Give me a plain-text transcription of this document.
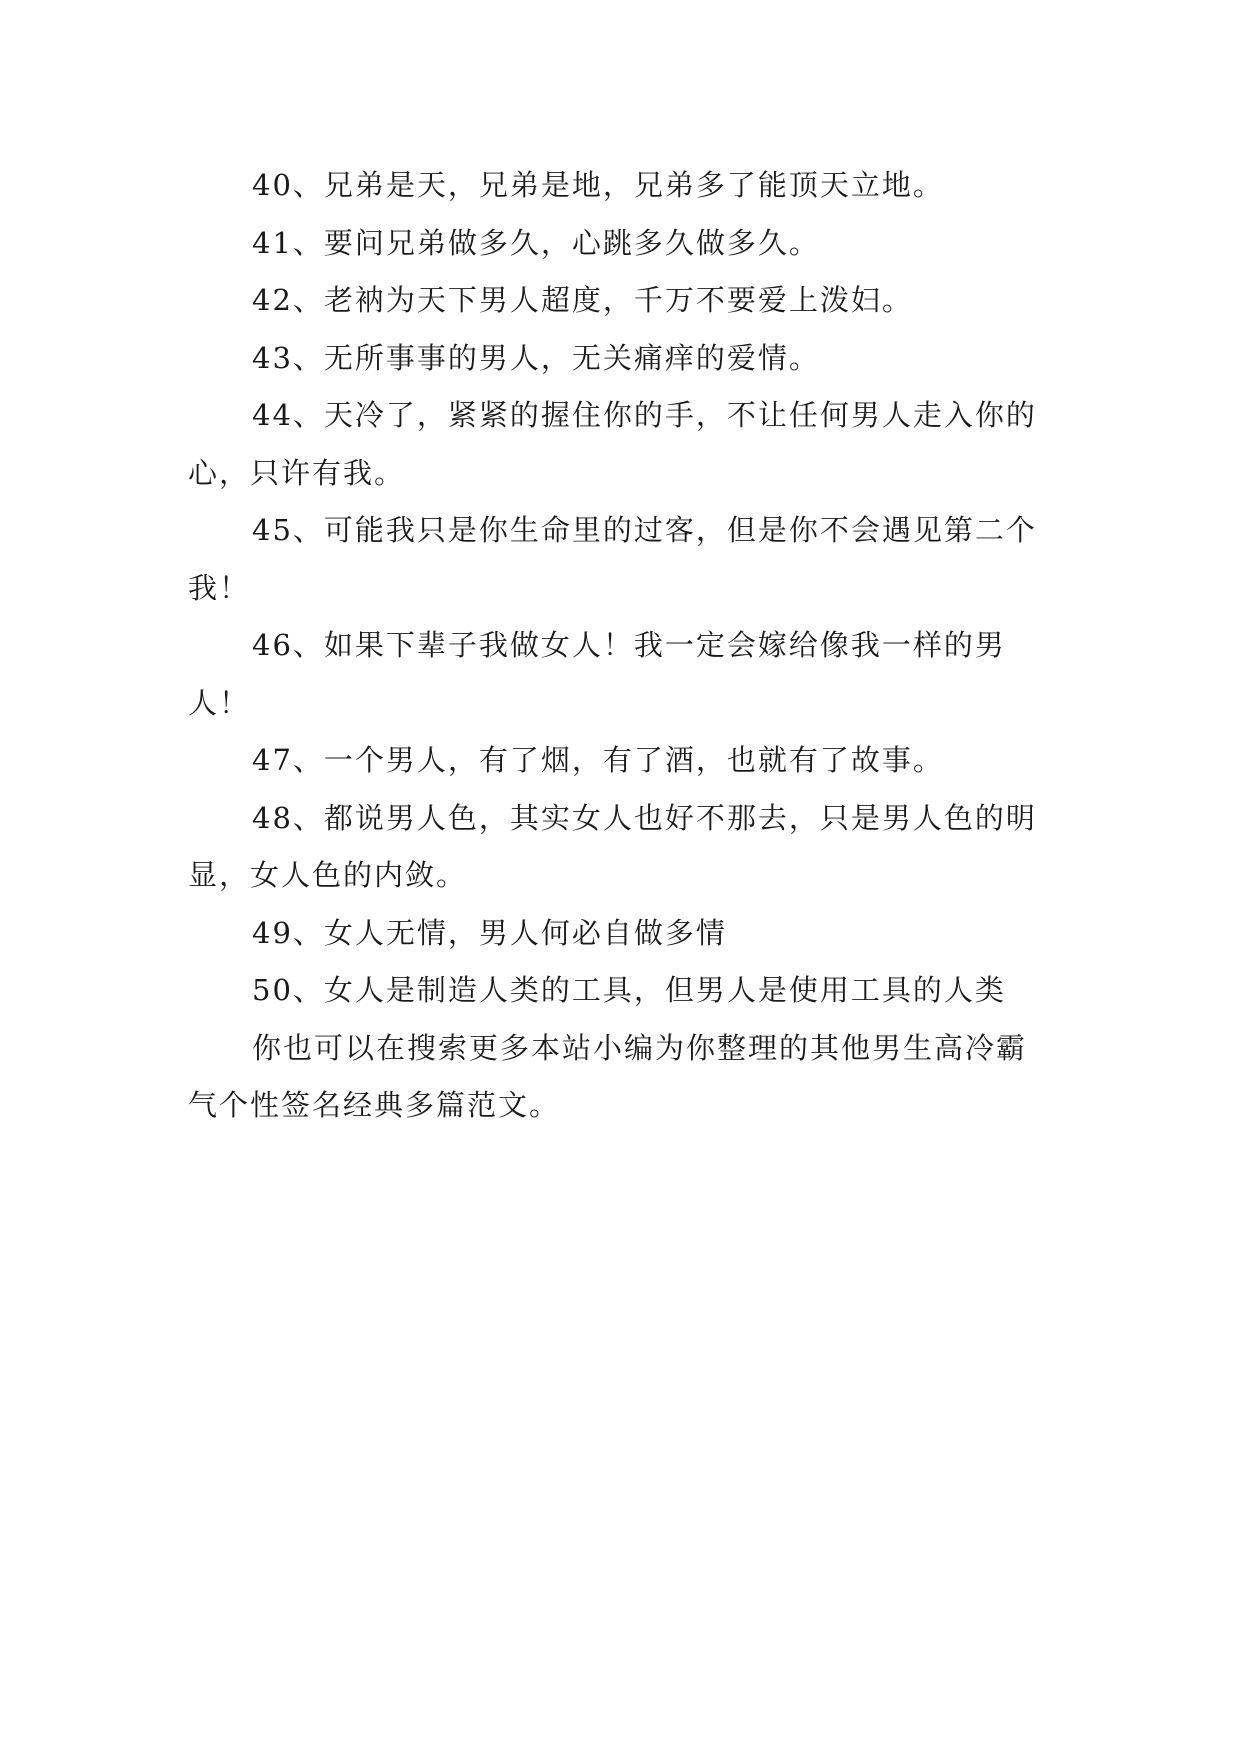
40、兄弟是天，兄弟是地，兄弟多了能顶天立地。

41、要问兄弟做多久，心跳多久做多久。

42、老衲为天下男人超度，千万不要爱上泼妇。

43、无所事事的男人，无关痛痒的爱情。

44、天冷了，紧紧的握住你的手，不让任何男人走入你的心，只许有我。

45、可能我只是你生命里的过客，但是你不会遇见第二个我！

46、如果下辈子我做女人！我一定会嫁给像我一样的男人！

47、一个男人，有了烟，有了酒，也就有了故事。

48、都说男人色，其实女人也好不那去，只是男人色的明显，女人色的内敛。

49、女人无情，男人何必自做多情

50、女人是制造人类的工具，但男人是使用工具的人类

你也可以在搜索更多本站小编为你整理的其他男生高冷霸气个性签名经典多篇范文。
